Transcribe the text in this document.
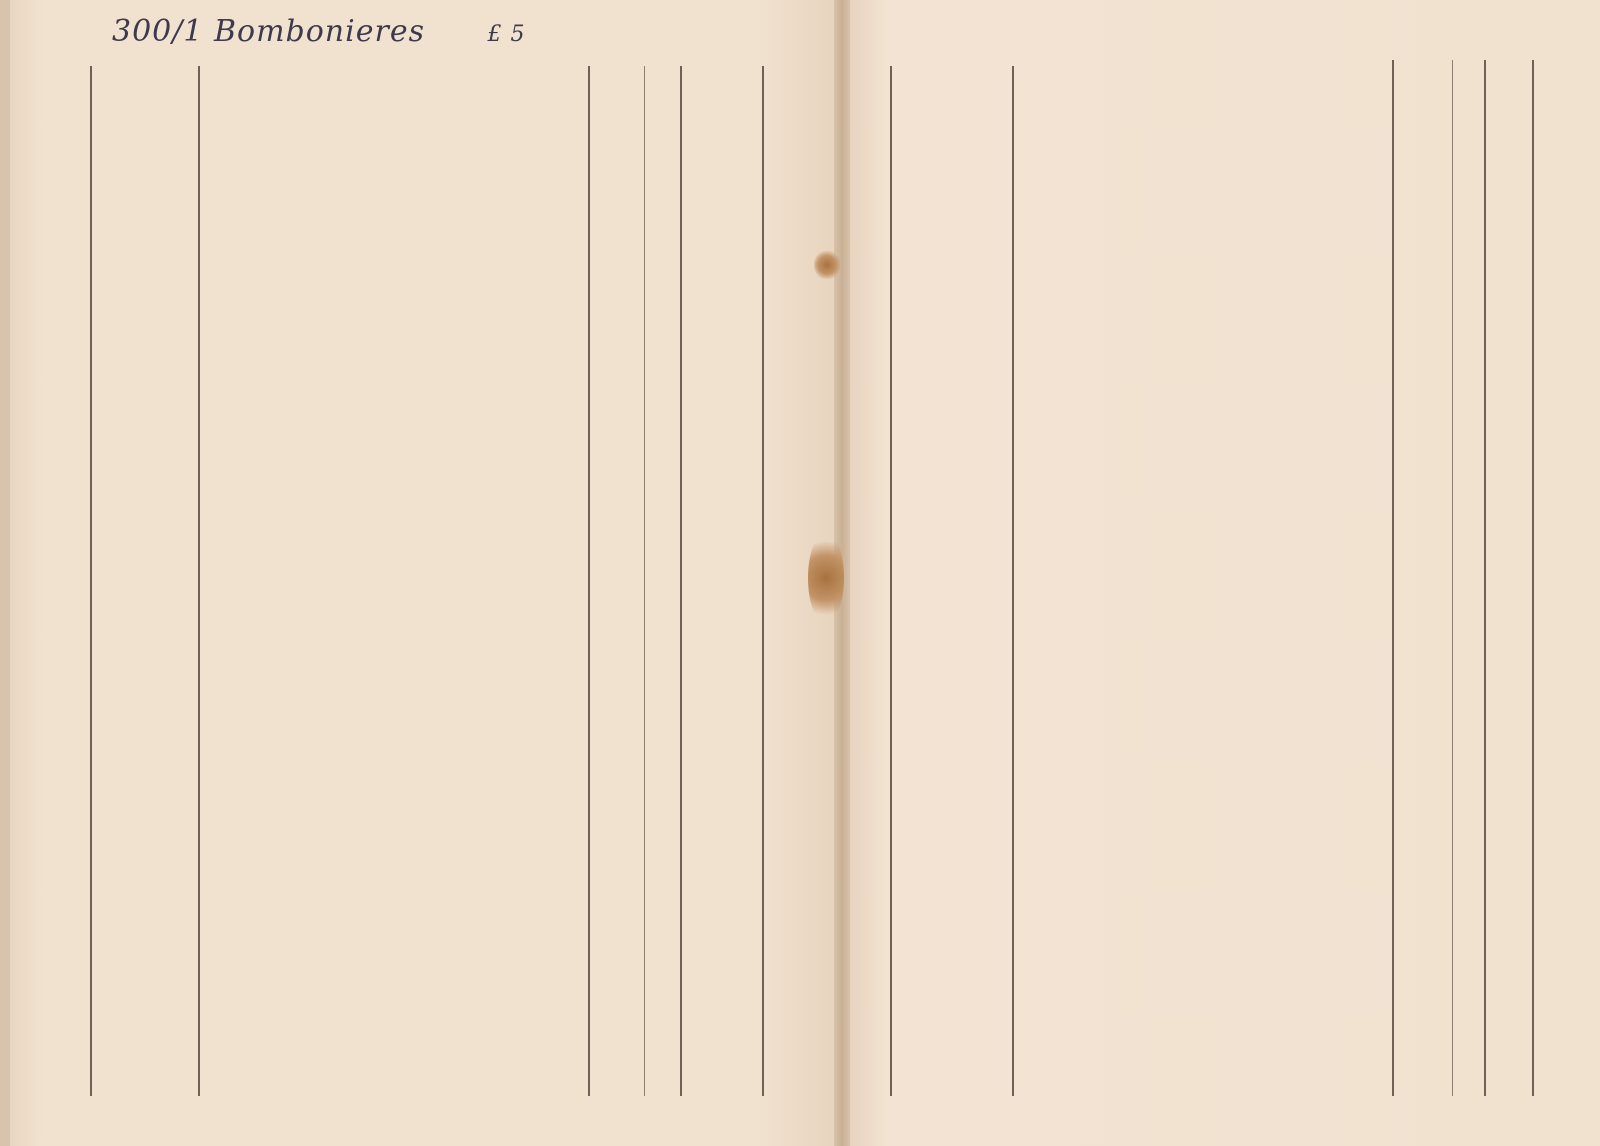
300/1 Bombonieres	£ 5
